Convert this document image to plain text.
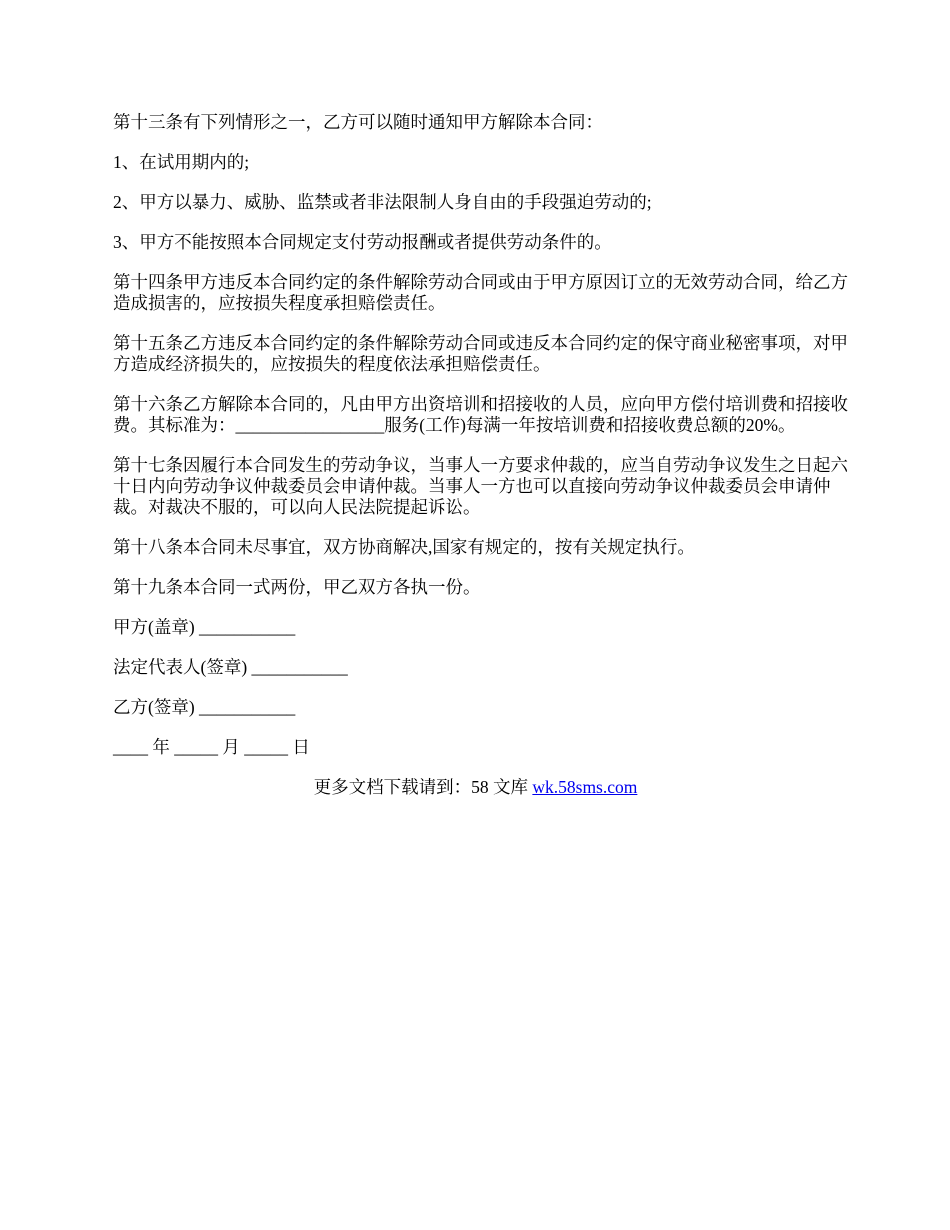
第十三条有下列情形之一，乙方可以随时通知甲方解除本合同：

1、在试用期内的;

2、甲方以暴力、威胁、监禁或者非法限制人身自由的手段强迫劳动的;

3、甲方不能按照本合同规定支付劳动报酬或者提供劳动条件的。

第十四条甲方违反本合同约定的条件解除劳动合同或由于甲方原因订立的无效劳动合同，给乙方造成损害的，应按损失程度承担赔偿责任。

第十五条乙方违反本合同约定的条件解除劳动合同或违反本合同约定的保守商业秘密事项，对甲方造成经济损失的，应按损失的程度依法承担赔偿责任。

第十六条乙方解除本合同的，凡由甲方出资培训和招接收的人员，应向甲方偿付培训费和招接收费。其标准为：_________________服务(工作)每满一年按培训费和招接收费总额的20%。

第十七条因履行本合同发生的劳动争议，当事人一方要求仲裁的，应当自劳动争议发生之日起六十日内向劳动争议仲裁委员会申请仲裁。当事人一方也可以直接向劳动争议仲裁委员会申请仲裁。对裁决不服的，可以向人民法院提起诉讼。

第十八条本合同未尽事宜，双方协商解决,国家有规定的，按有关规定执行。

第十九条本合同一式两份，甲乙双方各执一份。

甲方(盖章) ___________

法定代表人(签章) ___________

乙方(签章) ___________

____ 年 _____ 月 _____ 日

更多文档下载请到：58 文库 wk.58sms.com
